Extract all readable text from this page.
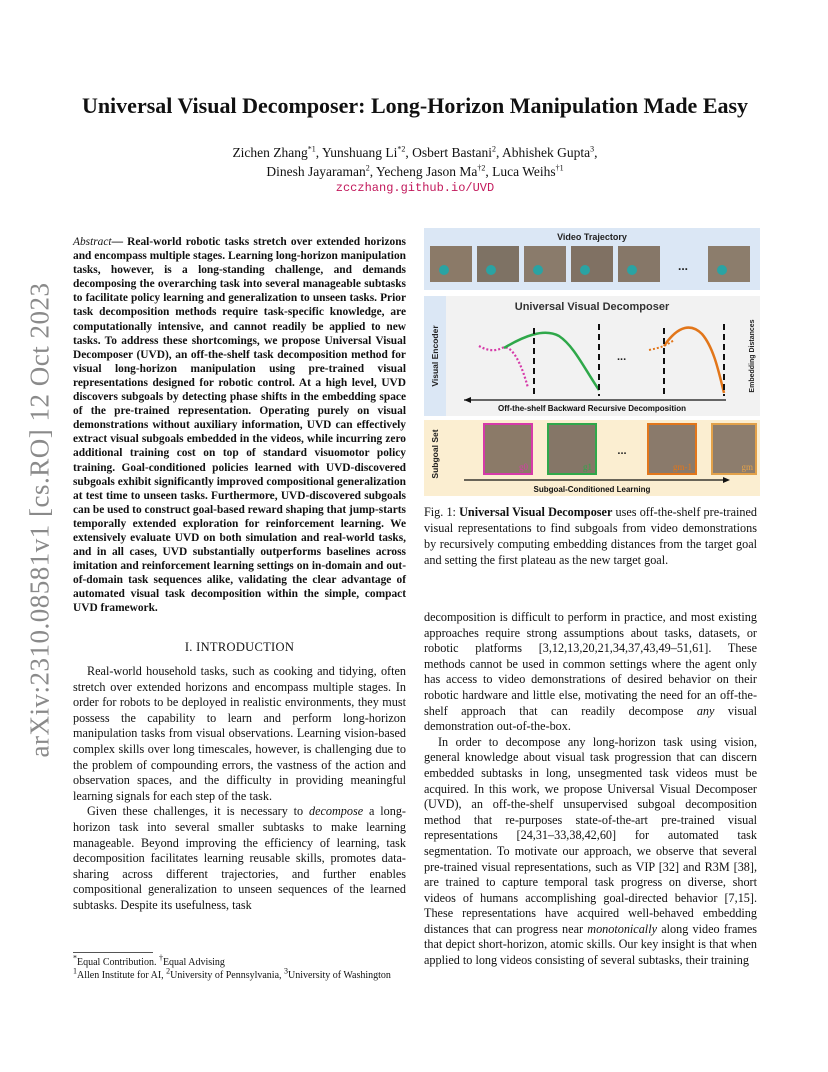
arXiv:2310.08581v1 [cs.RO] 12 Oct 2023
Universal Visual Decomposer: Long-Horizon Manipulation Made Easy
Zichen Zhang$^{*1}$, Yunshuang Li$^{*2}$, Osbert Bastani$^2$, Abhishek Gupta$^3$,
Dinesh Jayaraman$^2$, Yecheng Jason Ma$^{\dagger 2}$, Luca Weihs$^{\dagger 1}$
zcczhang.github.io/UVD
Abstract— Real-world robotic tasks stretch over extended horizons and encompass multiple stages. Learning long-horizon manipulation tasks, however, is a long-standing challenge, and demands decomposing the overarching task into several manageable subtasks to facilitate policy learning and generalization to unseen tasks. Prior task decomposition methods require task-specific knowledge, are computationally intensive, and cannot readily be applied to new tasks. To address these shortcomings, we propose Universal Visual Decomposer (UVD), an off-the-shelf task decomposition method for visual long-horizon manipulation using pre-trained visual representations designed for robotic control. At a high level, UVD discovers subgoals by detecting phase shifts in the embedding space of the pre-trained representation. Operating purely on visual demonstrations without auxiliary information, UVD can effectively extract visual subgoals embedded in the videos, while incurring zero additional training cost on top of standard visuomotor policy training. Goal-conditioned policies learned with UVD-discovered subgoals exhibit significantly improved compositional generalization at test time to unseen tasks. Furthermore, UVD-discovered subgoals can be used to construct goal-based reward shaping that jump-starts temporally extended exploration for reinforcement learning. We extensively evaluate UVD on both simulation and real-world tasks, and in all cases, UVD substantially outperforms baselines across imitation and reinforcement learning settings on in-domain and out-of-domain task sequences alike, validating the clear advantage of automated visual task decomposition within the simple, compact UVD framework.
I. INTRODUCTION

Real-world household tasks, such as cooking and tidying, often stretch over extended horizons and encompass multiple stages. In order for robots to be deployed in realistic environments, they must possess the capability to learn and perform long-horizon manipulation tasks from visual observations. Learning vision-based complex skills over long timescales, however, is challenging due to the problem of compounding errors, the vastness of the action and observation spaces, and the difficulty in providing meaningful learning signals for each step of the task.

Given these challenges, it is necessary to decompose a long-horizon task into several smaller subtasks to make learning manageable. Beyond improving the efficiency of learning, task decomposition facilitates learning reusable skills, promotes data-sharing across different trajectories, and further enables compositional generalization to unseen sequences of the learned subtasks. Despite its usefulness, task

*Equal Contribution. †Equal Advising
$^1$Allen Institute for AI, $^2$University of Pennsylvania, $^3$University of Washington
Video Trajectory
...
Visual Encoder
Universal Visual Decomposer
Embedding Distances
...
Off-the-shelf Backward Recursive Decomposition
Subgoal Set	g0	g1	gm-1	gm
...
Subgoal-Conditioned Learning
Fig. 1: Universal Visual Decomposer uses off-the-shelf pre-trained visual representations to find subgoals from video demonstrations by recursively computing embedding distances from the target goal and setting the first plateau as the new target goal.

decomposition is difficult to perform in practice, and most existing approaches require strong assumptions about tasks, datasets, or robotic platforms [3,12,13,20,21,34,37,43,49–51,61]. These methods cannot be used in common settings where the agent only has access to video demonstrations of desired behavior on their robotic hardware and little else, motivating the need for an off-the-shelf approach that can readily decompose any visual demonstration out-of-the-box.

In order to decompose any long-horizon task using vision, general knowledge about visual task progression that can discern embedded subtasks in long, unsegmented task videos must be acquired. In this work, we propose Universal Visual Decomposer (UVD), an off-the-shelf unsupervised subgoal decomposition method that re-purposes state-of-the-art pre-trained visual representations [24,31–33,38,42,60] for automated task segmentation. To motivate our approach, we observe that several pre-trained visual representations, such as VIP [32] and R3M [38], are trained to capture temporal task progress on diverse, short videos of humans accomplishing goal-directed behavior [7,15]. These representations have acquired well-behaved embedding distances that can progress near monotonically along video frames that depict short-horizon, atomic skills. Our key insight is that when applied to long videos consisting of several subtasks, their training
